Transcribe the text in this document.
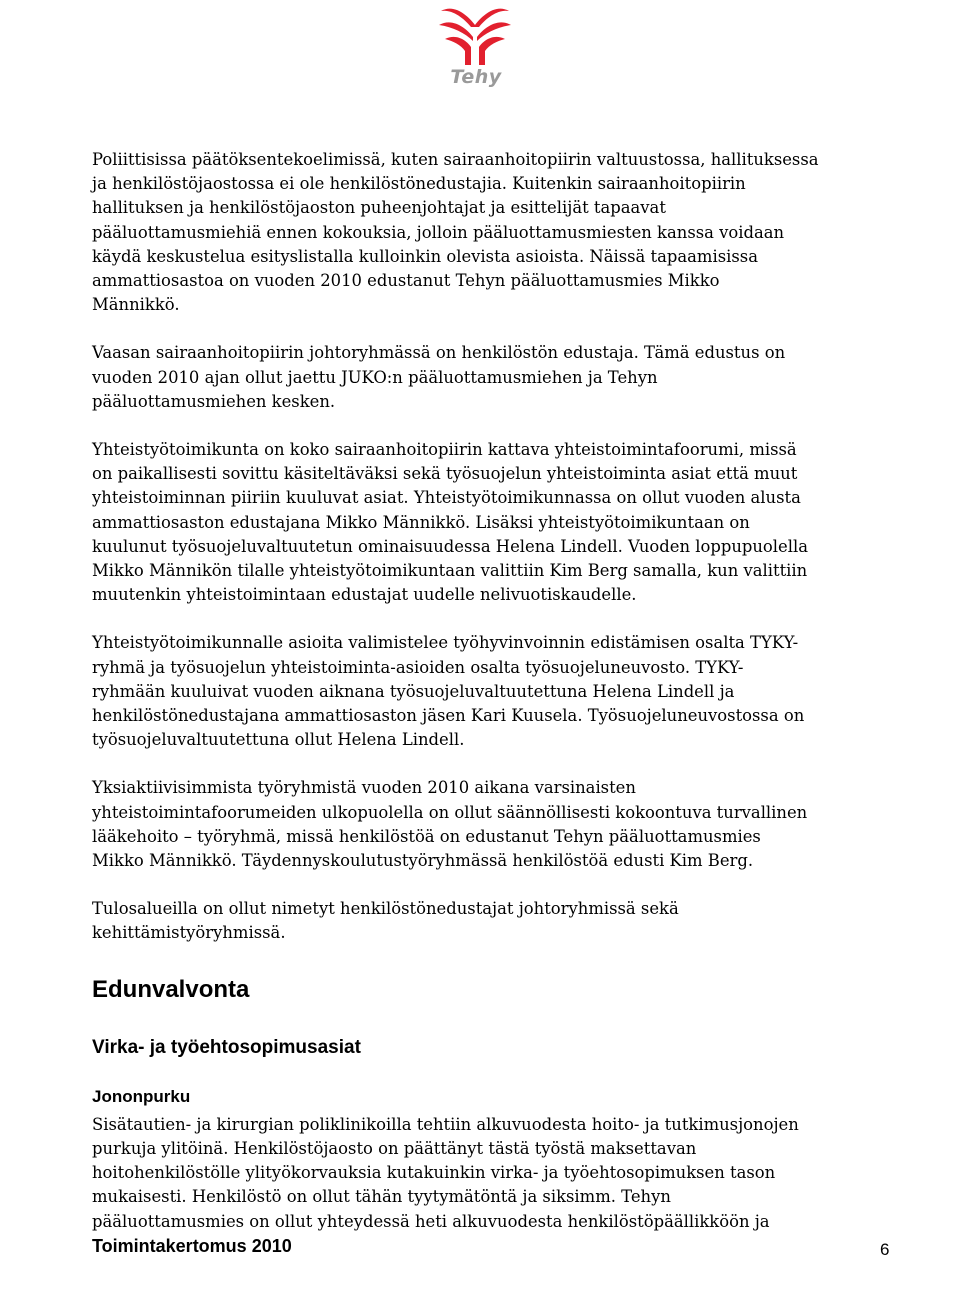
Tehy

Poliittisissa päätöksentekoelimissä, kuten sairaanhoitopiirin valtuustossa, hallituksessa
ja henkilöstöjaostossa ei ole henkilöstönedustajia. Kuitenkin sairaanhoitopiirin
hallituksen ja henkilöstöjaoston puheenjohtajat ja esittelijät tapaavat
pääluottamusmiehiä ennen kokouksia, jolloin pääluottamusmiesten kanssa voidaan
käydä keskustelua esityslistalla kulloinkin olevista asioista. Näissä tapaamisissa
ammattiosastoa on vuoden 2010 edustanut Tehyn pääluottamusmies Mikko
Männikkö.

Vaasan sairaanhoitopiirin johtoryhmässä on henkilöstön edustaja. Tämä edustus on
vuoden 2010 ajan ollut jaettu JUKO:n pääluottamusmiehen ja Tehyn
pääluottamusmiehen kesken.

Yhteistyötoimikunta on koko sairaanhoitopiirin kattava yhteistoimintafoorumi, missä
on paikallisesti sovittu käsiteltäväksi sekä työsuojelun yhteistoiminta asiat että muut
yhteistoiminnan piiriin kuuluvat asiat. Yhteistyötoimikunnassa on ollut vuoden alusta
ammattiosaston edustajana Mikko Männikkö. Lisäksi yhteistyötoimikuntaan on
kuulunut työsuojeluvaltuutetun ominaisuudessa Helena Lindell. Vuoden loppupuolella
Mikko Männikön tilalle yhteistyötoimikuntaan valittiin Kim Berg samalla, kun valittiin
muutenkin yhteistoimintaan edustajat uudelle nelivuotiskaudelle.

Yhteistyötoimikunnalle asioita valimistelee työhyvinvoinnin edistämisen osalta TYKY-
ryhmä ja työsuojelun yhteistoiminta-asioiden osalta työsuojeluneuvosto. TYKY-
ryhmään kuuluivat vuoden aiknana työsuojeluvaltuutettuna Helena Lindell ja
henkilöstönedustajana ammattiosaston jäsen Kari Kuusela. Työsuojeluneuvostossa on
työsuojeluvaltuutettuna ollut Helena Lindell.

Yksiaktiivisimmista työryhmistä vuoden 2010 aikana varsinaisten
yhteistoimintafoorumeiden ulkopuolella on ollut säännöllisesti kokoontuva turvallinen
lääkehoito – työryhmä, missä henkilöstöä on edustanut Tehyn pääluottamusmies
Mikko Männikkö. Täydennyskoulutustyöryhmässä henkilöstöä edusti Kim Berg.

Tulosalueilla on ollut nimetyt henkilöstönedustajat johtoryhmissä sekä
kehittämistyöryhmissä.

Edunvalvonta
Virka- ja työehtosopimusasiat
Jononpurku

Sisätautien- ja kirurgian poliklinikoilla tehtiin alkuvuodesta hoito- ja tutkimusjonojen
purkuja ylitöinä. Henkilöstöjaosto on päättänyt tästä työstä maksettavan
hoitohenkilöstölle ylityökorvauksia kutakuinkin virka- ja työehtosopimuksen tason
mukaisesti. Henkilöstö on ollut tähän tyytymätöntä ja siksimm. Tehyn
pääluottamusmies on ollut yhteydessä heti alkuvuodesta henkilöstöpäällikköön ja

Toimintakertomus 2010	6
